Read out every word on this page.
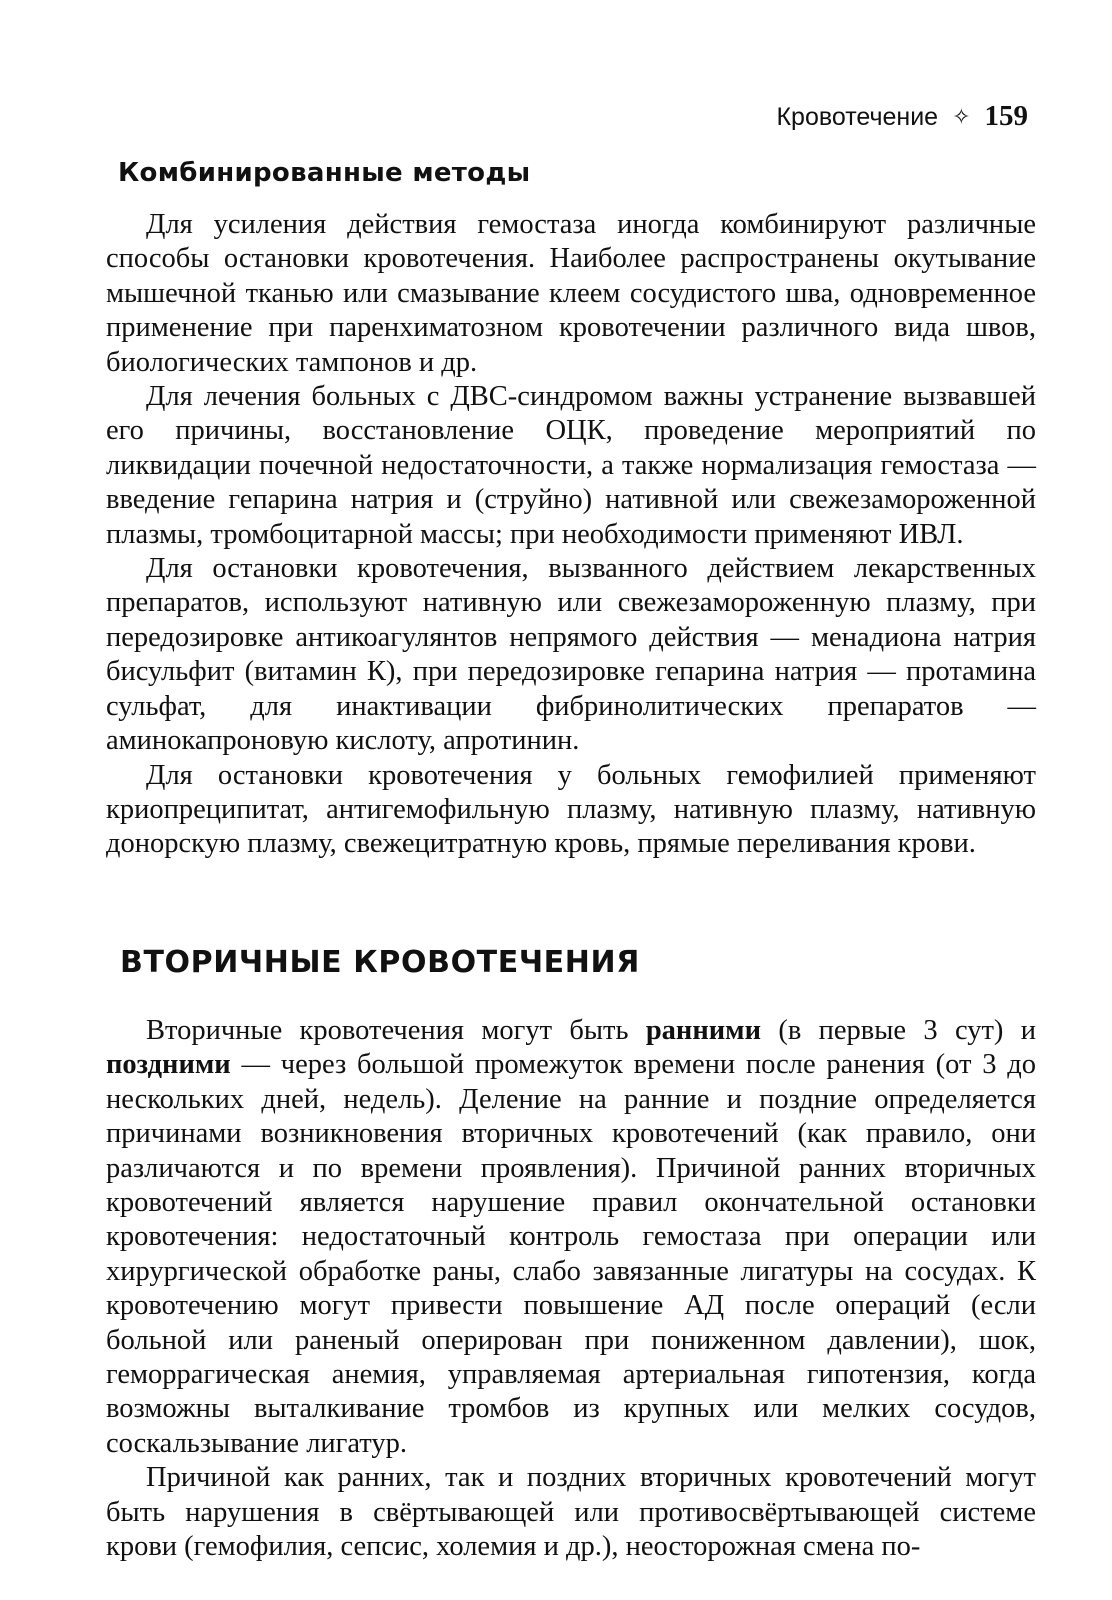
Кровотечение ✧ 159
Комбинированные методы

Для усиления действия гемостаза иногда комбинируют различные способы остановки кровотечения. Наиболее распространены окутывание мышечной тканью или смазывание клеем сосудистого шва, одновременное применение при паренхиматозном кровотечении различного вида швов, биологических тампонов и др.

Для лечения больных с ДВС-синдромом важны устранение вызвавшей его причины, восстановление ОЦК, проведение мероприятий по ликвидации почечной недостаточности, а также нормализация гемостаза — введение гепарина натрия и (струйно) нативной или свежезамороженной плазмы, тромбоцитарной массы; при необходимости применяют ИВЛ.

Для остановки кровотечения, вызванного действием лекарственных препаратов, используют нативную или свежезамороженную плазму, при передозировке антикоагулянтов непрямого действия — менадиона натрия бисульфит (витамин К), при передозировке гепарина натрия — протамина сульфат, для инактивации фибринолитических препаратов — аминокапроновую кислоту, апротинин.

Для остановки кровотечения у больных гемофилией применяют криопреципитат, антигемофильную плазму, нативную плазму, нативную донорскую плазму, свежецитратную кровь, прямые переливания крови.

ВТОРИЧНЫЕ КРОВОТЕЧЕНИЯ

Вторичные кровотечения могут быть ранними (в первые 3 сут) и поздними — через большой промежуток времени после ранения (от 3 до нескольких дней, недель). Деление на ранние и поздние определяется причинами возникновения вторичных кровотечений (как правило, они различаются и по времени проявления). Причиной ранних вторичных кровотечений является нарушение правил окончательной остановки кровотечения: недостаточный контроль гемостаза при операции или хирургической обработке раны, слабо завязанные лигатуры на сосудах. К кровотечению могут привести повышение АД после операций (если больной или раненый оперирован при пониженном давлении), шок, геморрагическая анемия, управляемая артериальная гипотензия, когда возможны выталкивание тромбов из крупных или мелких сосудов, соскальзывание лигатур.

Причиной как ранних, так и поздних вторичных кровотечений могут быть нарушения в свёртывающей или противосвёртывающей системе крови (гемофилия, сепсис, холемия и др.), неосторожная смена по-
